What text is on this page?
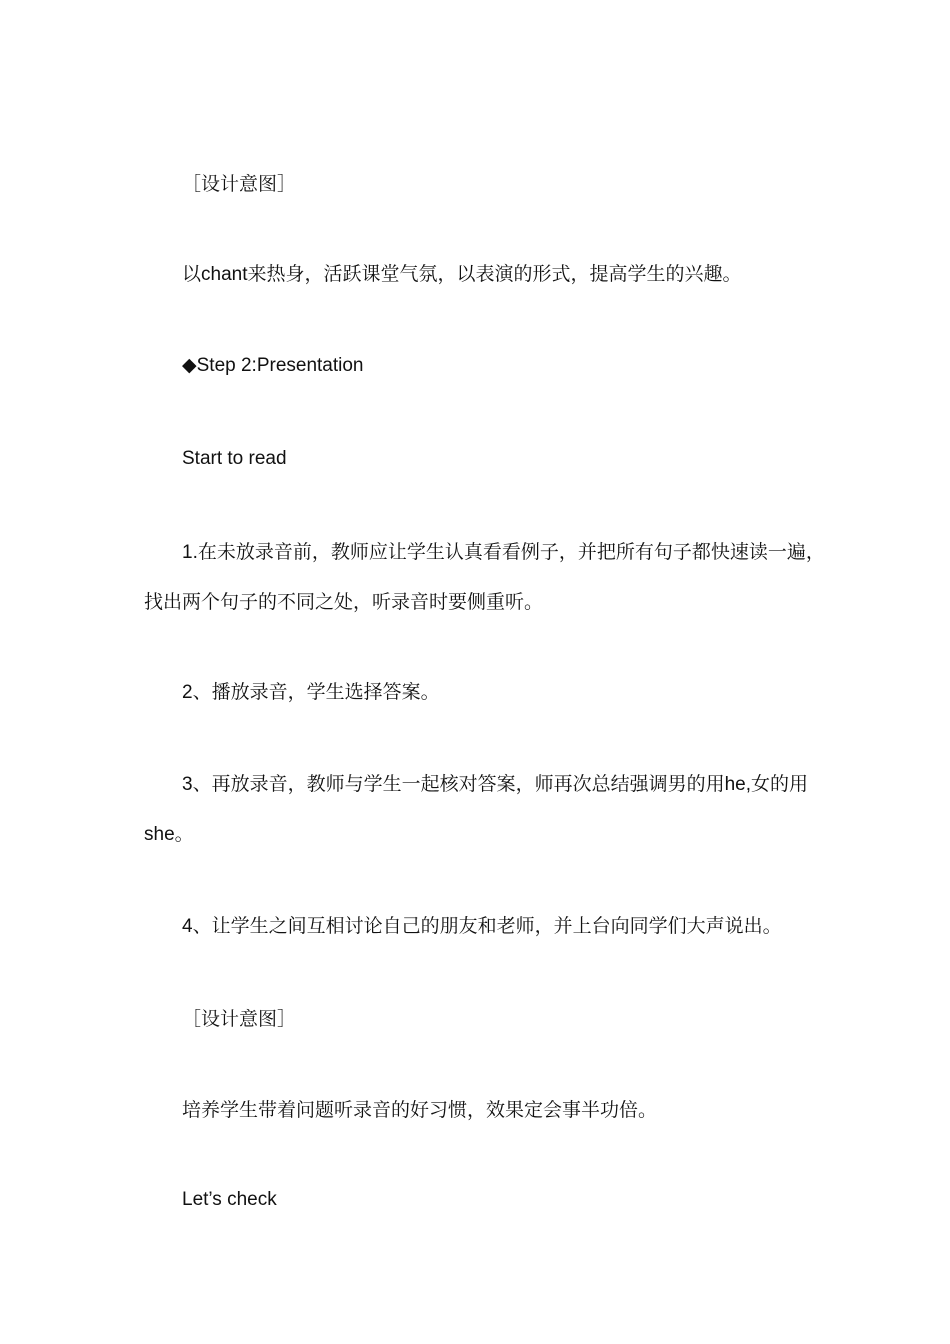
［设计意图］
以chant来热身，活跃课堂气氛，以表演的形式，提高学生的兴趣。
◆Step 2:Presentation
Start to read
1.在未放录音前，教师应让学生认真看看例子，并把所有句子都快速读一遍，
找出两个句子的不同之处，听录音时要侧重听。
2、播放录音，学生选择答案。
3、再放录音，教师与学生一起核对答案，师再次总结强调男的用he,女的用
she。
4、让学生之间互相讨论自己的朋友和老师，并上台向同学们大声说出。
［设计意图］
培养学生带着问题听录音的好习惯，效果定会事半功倍。
Let’s check
